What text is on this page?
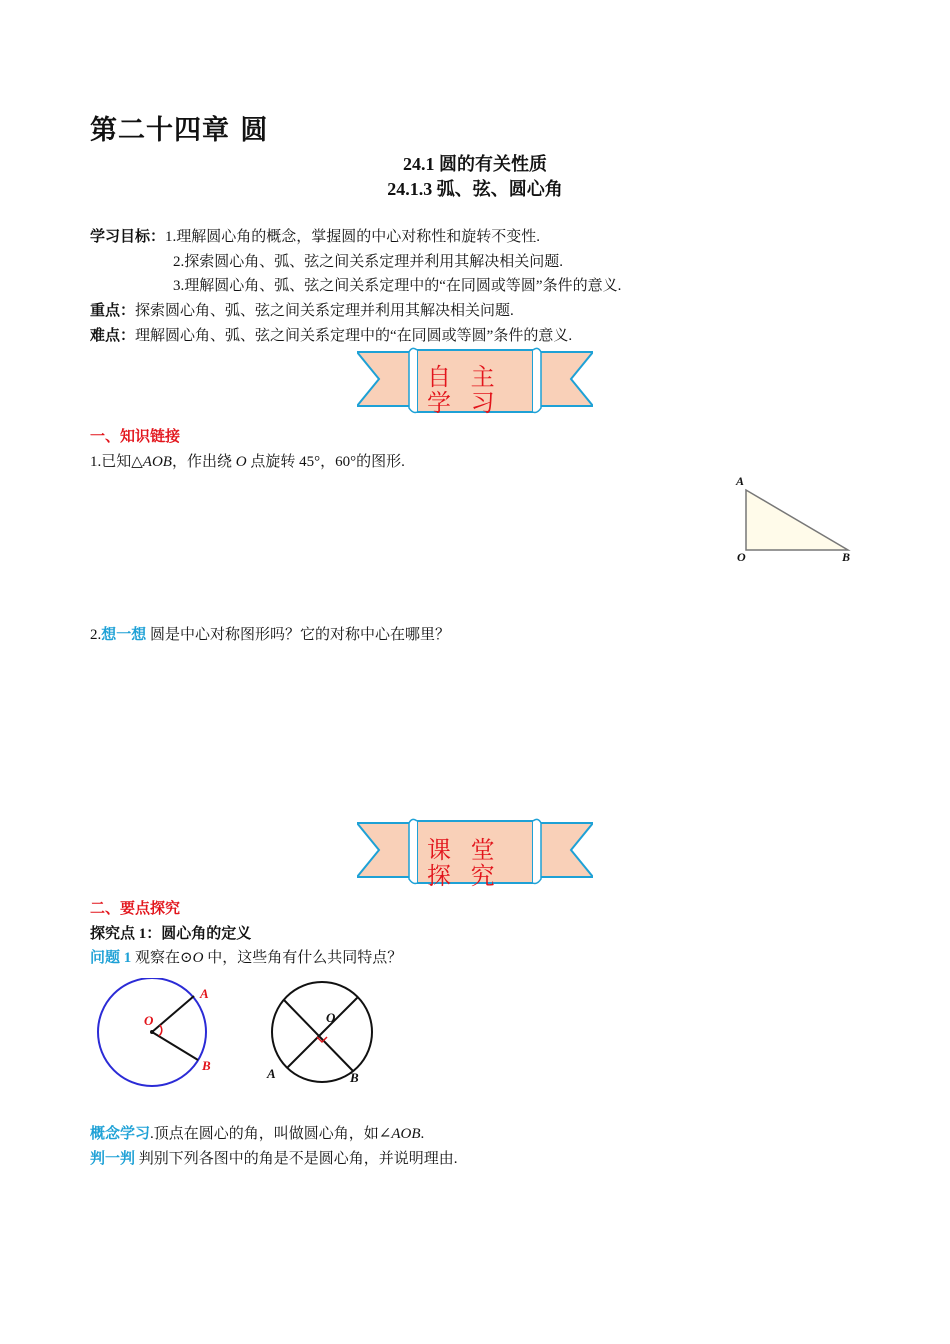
第二十四章 圆
24.1 圆的有关性质
24.1.3 弧、弦、圆心角
学习目标：1.理解圆心角的概念，掌握圆的中心对称性和旋转不变性.
2.探索圆心角、弧、弦之间关系定理并利用其解决相关问题.
3.理解圆心角、弧、弦之间关系定理中的“在同圆或等圆”条件的意义.
重点：探索圆心角、弧、弦之间关系定理并利用其解决相关问题.
难点：理解圆心角、弧、弦之间关系定理中的“在同圆或等圆”条件的意义.
自 主 学 习
一、知识链接
1.已知△AOB，作出绕 O 点旋转 45°，60°的图形.
A
O	B
2.想一想 圆是中心对称图形吗？它的对称中心在哪里？
课 堂 探 究
二、要点探究
探究点 1：圆心角的定义
问题 1 观察在⊙O 中，这些角有什么共同特点？
O
A
B
O
A	B
概念学习.顶点在圆心的角，叫做圆心角，如∠AOB.
判一判 判别下列各图中的角是不是圆心角，并说明理由.
